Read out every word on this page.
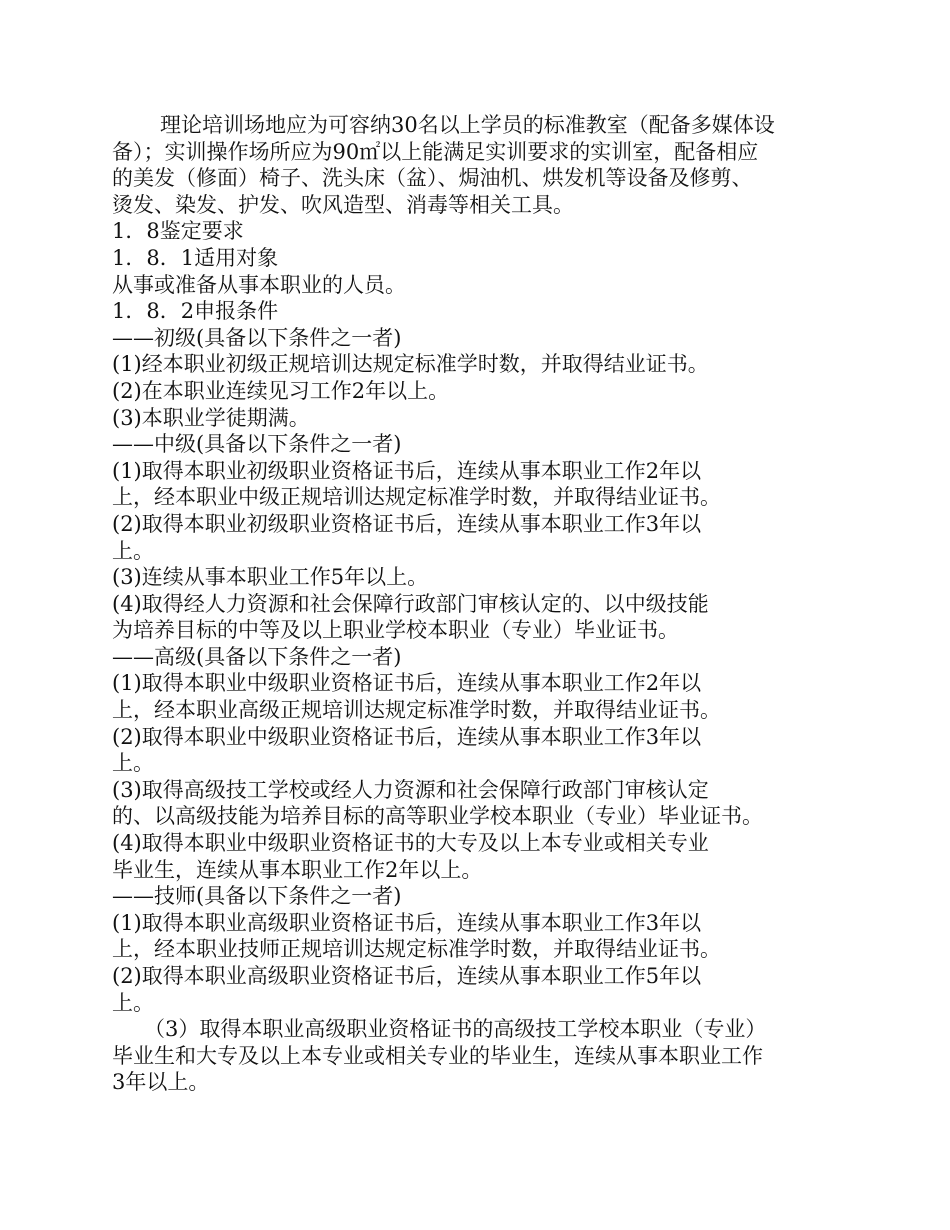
理论培训场地应为可容纳30名以上学员的标准教室（配备多媒体设

备）；实训操作场所应为90㎡以上能满足实训要求的实训室，配备相应

的美发（修面）椅子、洗头床（盆）、焗油机、烘发机等设备及修剪、

烫发、染发、护发、吹风造型、消毒等相关工具。

1．8鉴定要求

1．8．1适用对象

从事或准备从事本职业的人员。

1．8．2申报条件

——初级(具备以下条件之一者)

(1)经本职业初级正规培训达规定标准学时数，并取得结业证书。

(2)在本职业连续见习工作2年以上。

(3)本职业学徒期满。

——中级(具备以下条件之一者)

(1)取得本职业初级职业资格证书后，连续从事本职业工作2年以

上，经本职业中级正规培训达规定标准学时数，并取得结业证书。

(2)取得本职业初级职业资格证书后，连续从事本职业工作3年以

上。

(3)连续从事本职业工作5年以上。

(4)取得经人力资源和社会保障行政部门审核认定的、以中级技能

为培养目标的中等及以上职业学校本职业（专业）毕业证书。

——高级(具备以下条件之一者)

(1)取得本职业中级职业资格证书后，连续从事本职业工作2年以

上，经本职业高级正规培训达规定标准学时数，并取得结业证书。

(2)取得本职业中级职业资格证书后，连续从事本职业工作3年以

上。

(3)取得高级技工学校或经人力资源和社会保障行政部门审核认定

的、以高级技能为培养目标的高等职业学校本职业（专业）毕业证书。

(4)取得本职业中级职业资格证书的大专及以上本专业或相关专业

毕业生，连续从事本职业工作2年以上。

——技师(具备以下条件之一者)

(1)取得本职业高级职业资格证书后，连续从事本职业工作3年以

上，经本职业技师正规培训达规定标准学时数，并取得结业证书。

(2)取得本职业高级职业资格证书后，连续从事本职业工作5年以

上。

（3）取得本职业高级职业资格证书的高级技工学校本职业（专业）

毕业生和大专及以上本专业或相关专业的毕业生，连续从事本职业工作

3年以上。
